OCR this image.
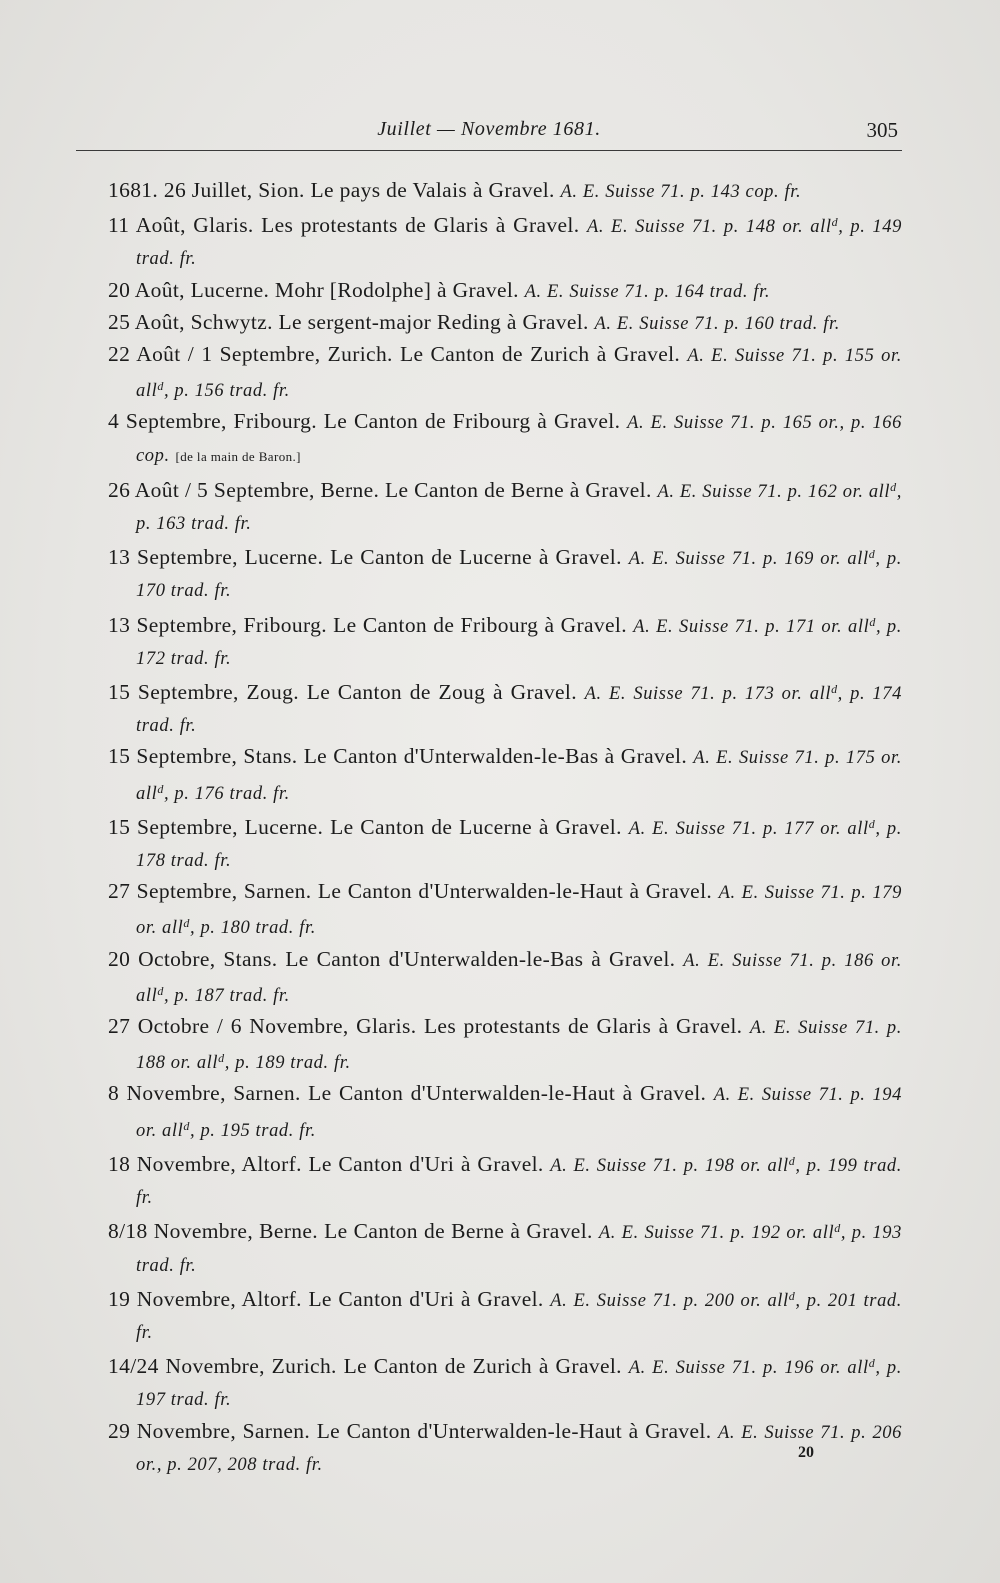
Juillet — Novembre 1681.	305

1681. 26 Juillet, Sion. Le pays de Valais à Gravel. A. E. Suisse 71. p. 143 cop. fr.

11 Août, Glaris. Les protestants de Glaris à Gravel. A. E. Suisse 71. p. 148 or. all$^d$, p. 149 trad. fr.

20 Août, Lucerne. Mohr [Rodolphe] à Gravel. A. E. Suisse 71. p. 164 trad. fr.

25 Août, Schwytz. Le sergent-major Reding à Gravel. A. E. Suisse 71. p. 160 trad. fr.

22 Août / 1 Septembre, Zurich. Le Canton de Zurich à Gravel. A. E. Suisse 71. p. 155 or. all$^d$, p. 156 trad. fr.

4 Septembre, Fribourg. Le Canton de Fribourg à Gravel. A. E. Suisse 71. p. 165 or., p. 166 cop. [de la main de Baron.]

26 Août / 5 Septembre, Berne. Le Canton de Berne à Gravel. A. E. Suisse 71. p. 162 or. all$^d$, p. 163 trad. fr.

13 Septembre, Lucerne. Le Canton de Lucerne à Gravel. A. E. Suisse 71. p. 169 or. all$^d$, p. 170 trad. fr.

13 Septembre, Fribourg. Le Canton de Fribourg à Gravel. A. E. Suisse 71. p. 171 or. all$^d$, p. 172 trad. fr.

15 Septembre, Zoug. Le Canton de Zoug à Gravel. A. E. Suisse 71. p. 173 or. all$^d$, p. 174 trad. fr.

15 Septembre, Stans. Le Canton d'Unterwalden-le-Bas à Gravel. A. E. Suisse 71. p. 175 or. all$^d$, p. 176 trad. fr.

15 Septembre, Lucerne. Le Canton de Lucerne à Gravel. A. E. Suisse 71. p. 177 or. all$^d$, p. 178 trad. fr.

27 Septembre, Sarnen. Le Canton d'Unterwalden-le-Haut à Gravel. A. E. Suisse 71. p. 179 or. all$^d$, p. 180 trad. fr.

20 Octobre, Stans. Le Canton d'Unterwalden-le-Bas à Gravel. A. E. Suisse 71. p. 186 or. all$^d$, p. 187 trad. fr.

27 Octobre / 6 Novembre, Glaris. Les protestants de Glaris à Gravel. A. E. Suisse 71. p. 188 or. all$^d$, p. 189 trad. fr.

8 Novembre, Sarnen. Le Canton d'Unterwalden-le-Haut à Gravel. A. E. Suisse 71. p. 194 or. all$^d$, p. 195 trad. fr.

18 Novembre, Altorf. Le Canton d'Uri à Gravel. A. E. Suisse 71. p. 198 or. all$^d$, p. 199 trad. fr.

8/18 Novembre, Berne. Le Canton de Berne à Gravel. A. E. Suisse 71. p. 192 or. all$^d$, p. 193 trad. fr.

19 Novembre, Altorf. Le Canton d'Uri à Gravel. A. E. Suisse 71. p. 200 or. all$^d$, p. 201 trad. fr.

14/24 Novembre, Zurich. Le Canton de Zurich à Gravel. A. E. Suisse 71. p. 196 or. all$^d$, p. 197 trad. fr.

29 Novembre, Sarnen. Le Canton d'Unterwalden-le-Haut à Gravel. A. E. Suisse 71. p. 206 or., p. 207, 208 trad. fr.

20
